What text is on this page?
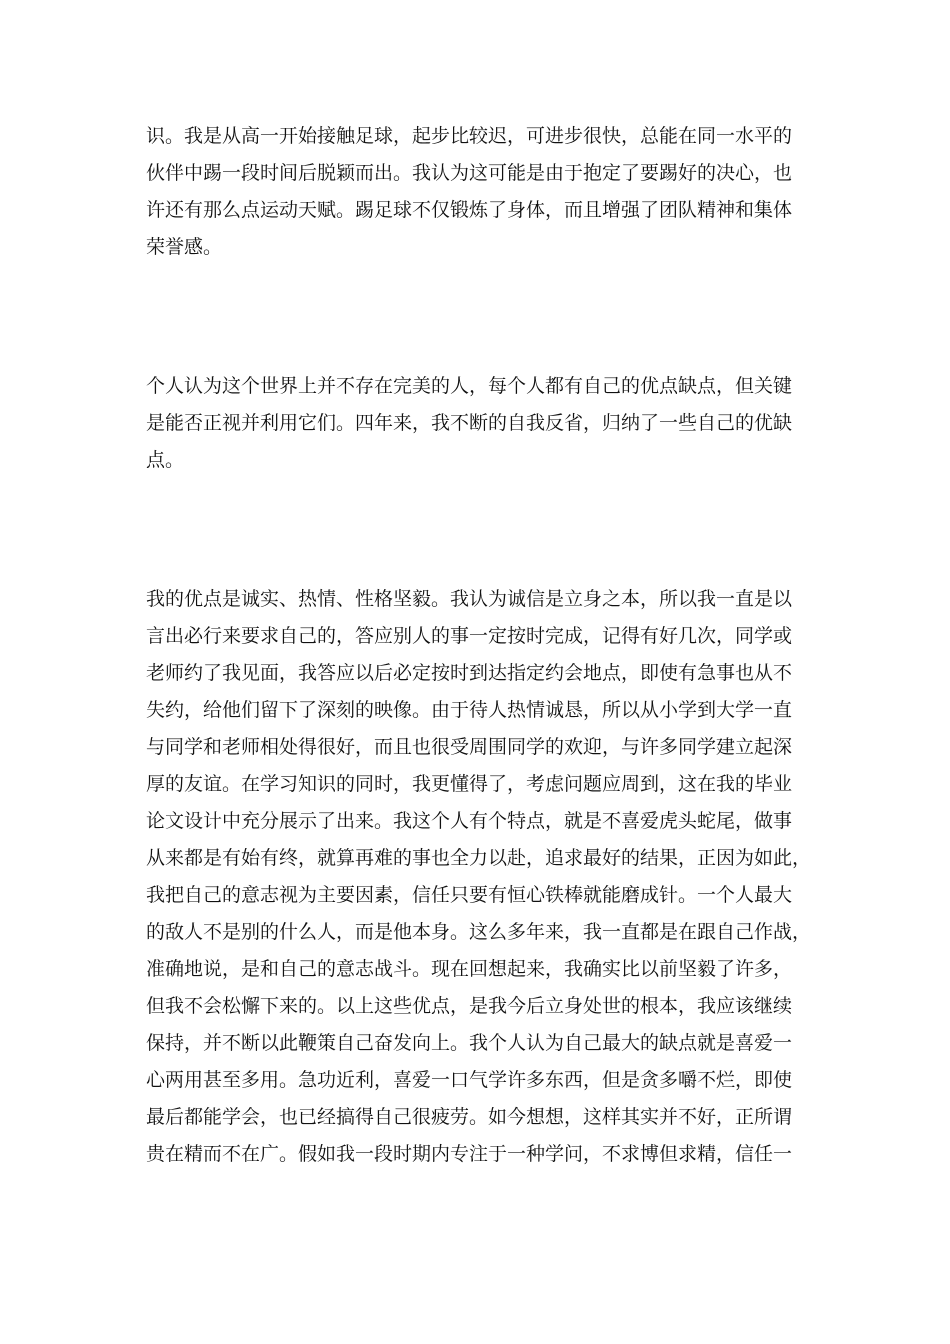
识。我是从高一开始接触足球，起步比较迟，可进步很快，总能在同一水平的
伙伴中踢一段时间后脱颖而出。我认为这可能是由于抱定了要踢好的决心，也
许还有那么点运动天赋。踢足球不仅锻炼了身体，而且增强了团队精神和集体
荣誉感。
个人认为这个世界上并不存在完美的人，每个人都有自己的优点缺点，但关键
是能否正视并利用它们。四年来，我不断的自我反省，归纳了一些自己的优缺
点。
我的优点是诚实、热情、性格坚毅。我认为诚信是立身之本，所以我一直是以
言出必行来要求自己的，答应别人的事一定按时完成，记得有好几次，同学或
老师约了我见面，我答应以后必定按时到达指定约会地点，即使有急事也从不
失约，给他们留下了深刻的映像。由于待人热情诚恳，所以从小学到大学一直
与同学和老师相处得很好，而且也很受周围同学的欢迎，与许多同学建立起深
厚的友谊。在学习知识的同时，我更懂得了，考虑问题应周到，这在我的毕业
论文设计中充分展示了出来。我这个人有个特点，就是不喜爱虎头蛇尾，做事
从来都是有始有终，就算再难的事也全力以赴，追求最好的结果，正因为如此，
我把自己的意志视为主要因素，信任只要有恒心铁棒就能磨成针。一个人最大
的敌人不是别的什么人，而是他本身。这么多年来，我一直都是在跟自己作战，
准确地说，是和自己的意志战斗。现在回想起来，我确实比以前坚毅了许多，
但我不会松懈下来的。以上这些优点，是我今后立身处世的根本，我应该继续
保持，并不断以此鞭策自己奋发向上。我个人认为自己最大的缺点就是喜爱一
心两用甚至多用。急功近利，喜爱一口气学许多东西，但是贪多嚼不烂，即使
最后都能学会，也已经搞得自己很疲劳。如今想想，这样其实并不好，正所谓
贵在精而不在广。假如我一段时期内专注于一种学问，不求博但求精，信任一
